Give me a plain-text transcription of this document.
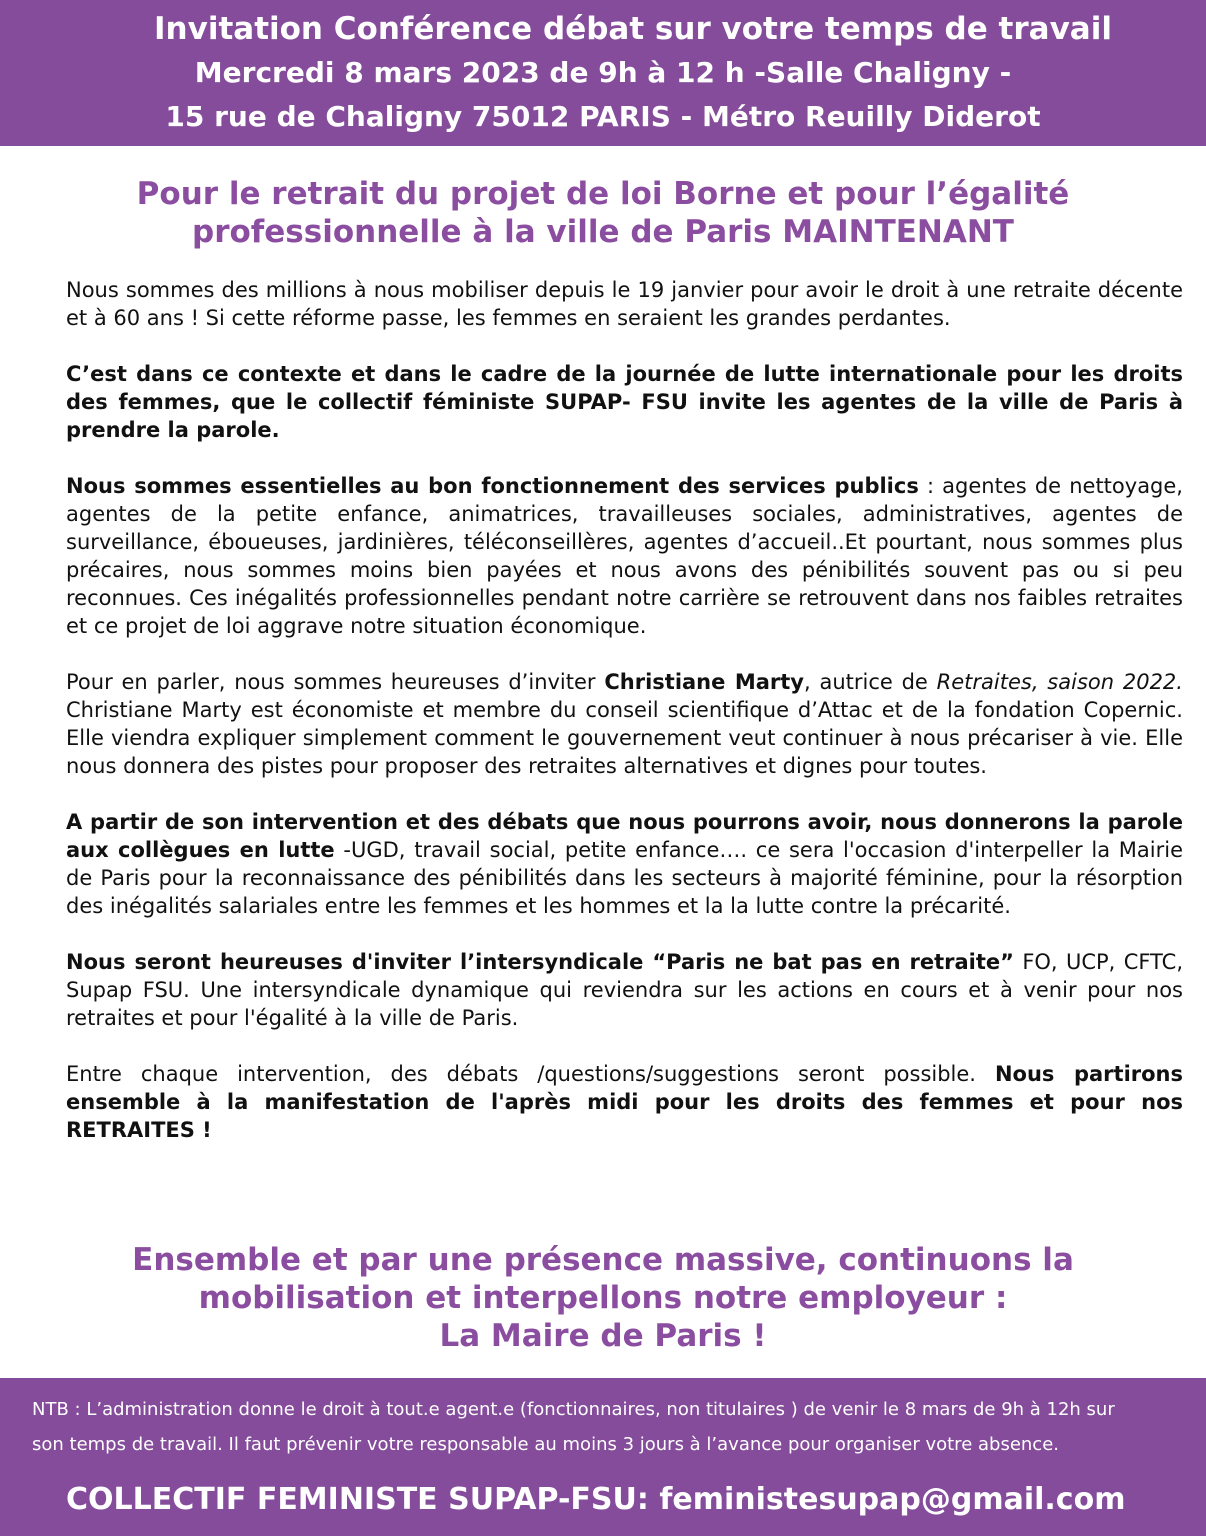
Invitation Conférence débat sur votre temps de travail
Mercredi 8 mars 2023 de 9h à 12 h -Salle Chaligny -
15 rue de Chaligny 75012 PARIS - Métro Reuilly Diderot
Pour le retrait du projet de loi Borne et pour l’égalité
professionnelle à la ville de Paris MAINTENANT

Nous sommes des millions à nous mobiliser depuis le 19 janvier pour avoir le droit à une retraite décente et à 60 ans ! Si cette réforme passe, les femmes en seraient les grandes perdantes.

C’est dans ce contexte et dans le cadre de la journée de lutte internationale pour les droits des femmes, que le collectif féministe SUPAP- FSU invite les agentes de la ville de Paris à prendre la parole.

Nous sommes essentielles au bon fonctionnement des services publics : agentes de nettoyage, agentes de la petite enfance, animatrices, travailleuses sociales, administratives, agentes de surveillance, éboueuses, jardinières, téléconseillères, agentes d’accueil..Et pourtant, nous sommes plus précaires, nous sommes moins bien payées et nous avons des pénibilités souvent pas ou si peu reconnues. Ces inégalités professionnelles pendant notre carrière se retrouvent dans nos faibles retraites et ce projet de loi aggrave notre situation économique.

Pour en parler, nous sommes heureuses d’inviter Christiane Marty, autrice de Retraites, saison 2022. Christiane Marty est économiste et membre du conseil scientifique d’Attac et de la fondation Copernic. Elle viendra expliquer simplement comment le gouvernement veut continuer à nous précariser à vie. Elle nous donnera des pistes pour proposer des retraites alternatives et dignes pour toutes.

A partir de son intervention et des débats que nous pourrons avoir, nous donnerons la parole aux collègues en lutte -UGD, travail social, petite enfance…. ce sera l'occasion d'interpeller la Mairie de Paris pour la reconnaissance des pénibilités dans les secteurs à majorité féminine, pour la résorption des inégalités salariales entre les femmes et les hommes et la la lutte contre la précarité.

Nous seront heureuses d'inviter l’intersyndicale “Paris ne bat pas en retraite” FO, UCP, CFTC, Supap FSU. Une intersyndicale dynamique qui reviendra sur les actions en cours et à venir pour nos retraites et pour l'égalité à la ville de Paris.

Entre chaque intervention, des débats /questions/suggestions seront possible. Nous partirons ensemble à la manifestation de l'après midi pour les droits des femmes et pour nos RETRAITES !

Ensemble et par une présence massive, continuons la
mobilisation et interpellons notre employeur :
La Maire de Paris !
NTB : L’administration donne le droit à tout.e agent.e (fonctionnaires, non titulaires ) de venir le 8 mars de 9h à 12h sur
son temps de travail. Il faut prévenir votre responsable au moins 3 jours à l’avance pour organiser votre absence.
COLLECTIF FEMINISTE SUPAP-FSU: feministesupap@gmail.com
